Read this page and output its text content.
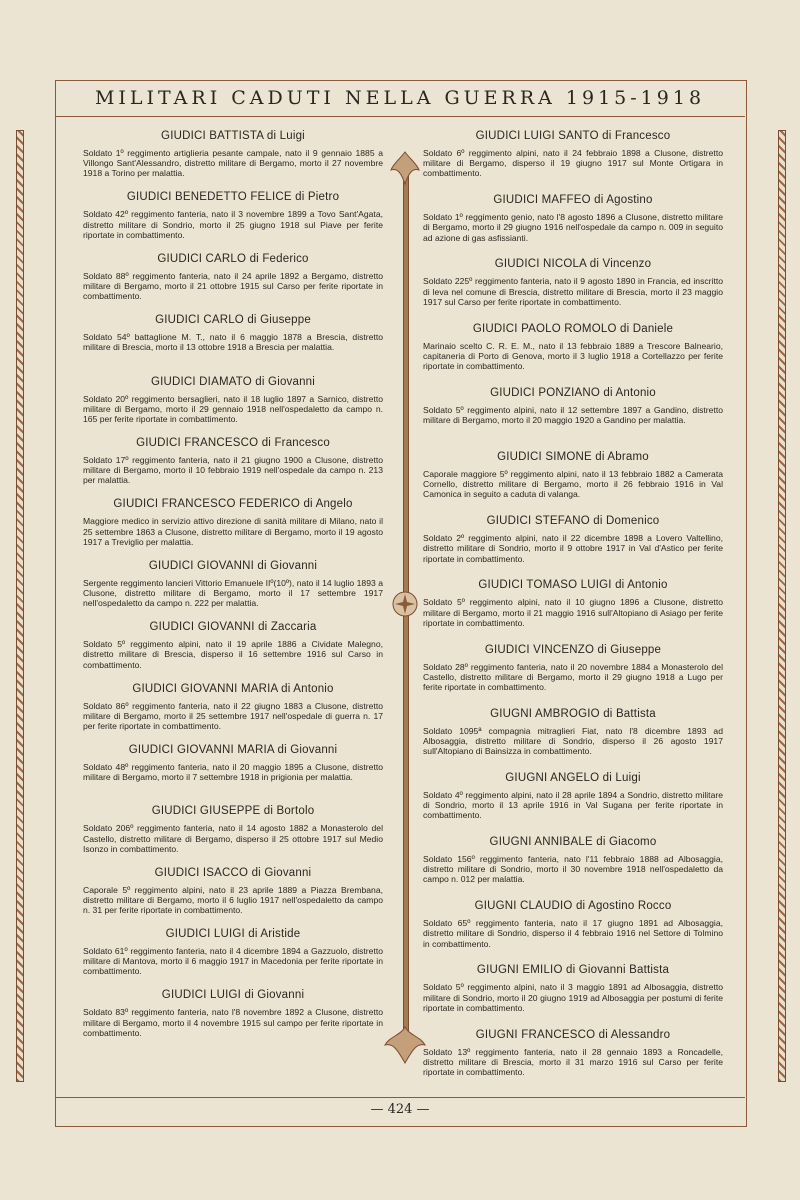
MILITARI CADUTI NELLA GUERRA 1915-1918
GIUDICI BATTISTA di Luigi

Soldato 1º reggimento artiglieria pesante campale, nato il 9 gennaio 1885 a Villongo Sant'Alessandro, distretto militare di Bergamo, morto il 27 novembre 1918 a Torino per malattia.

GIUDICI BENEDETTO FELICE di Pietro

Soldato 42º reggimento fanteria, nato il 3 novembre 1899 a Tovo Sant'Agata, distretto militare di Sondrio, morto il 25 giugno 1918 sul Piave per ferite riportate in combattimento.

GIUDICI CARLO di Federico

Soldato 88º reggimento fanteria, nato il 24 aprile 1892 a Bergamo, distretto militare di Bergamo, morto il 21 ottobre 1915 sul Carso per ferite riportate in combattimento.

GIUDICI CARLO di Giuseppe

Soldato 54º battaglione M. T., nato il 6 maggio 1878 a Brescia, distretto militare di Brescia, morto il 13 ottobre 1918 a Brescia per malattia.

GIUDICI DIAMATO di Giovanni

Soldato 20º reggimento bersaglieri, nato il 18 luglio 1897 a Sarnico, distretto militare di Bergamo, morto il 29 gennaio 1918 nell'ospedaletto da campo n. 165 per ferite riportate in combattimento.

GIUDICI FRANCESCO di Francesco

Soldato 17º reggimento fanteria, nato il 21 giugno 1900 a Clusone, distretto militare di Bergamo, morto il 10 febbraio 1919 nell'ospedale da campo n. 213 per malattia.

GIUDICI FRANCESCO FEDERICO di Angelo

Maggiore medico in servizio attivo direzione di sanità militare di Milano, nato il 25 settembre 1863 a Clusone, distretto militare di Bergamo, morto il 19 agosto 1917 a Treviglio per malattia.

GIUDICI GIOVANNI di Giovanni

Sergente reggimento lancieri Vittorio Emanuele IIº(10º), nato il 14 luglio 1893 a Clusone, distretto militare di Bergamo, morto il 17 settembre 1917 nell'ospedaletto da campo n. 222 per malattia.

GIUDICI GIOVANNI di Zaccaria

Soldato 5º reggimento alpini, nato il 19 aprile 1886 a Cividate Malegno, distretto militare di Brescia, disperso il 16 settembre 1916 sul Carso in combattimento.

GIUDICI GIOVANNI MARIA di Antonio

Soldato 86º reggimento fanteria, nato il 22 giugno 1883 a Clusone, distretto militare di Bergamo, morto il 25 settembre 1917 nell'ospedale di guerra n. 17 per ferite riportate in combattimento.

GIUDICI GIOVANNI MARIA di Giovanni

Soldato 48º reggimento fanteria, nato il 20 maggio 1895 a Clusone, distretto militare di Bergamo, morto il 7 settembre 1918 in prigionia per malattia.

GIUDICI GIUSEPPE di Bortolo

Soldato 206º reggimento fanteria, nato il 14 agosto 1882 a Monasterolo del Castello, distretto militare di Bergamo, disperso il 25 ottobre 1917 sul Medio Isonzo in combattimento.

GIUDICI ISACCO di Giovanni

Caporale 5º reggimento alpini, nato il 23 aprile 1889 a Piazza Brembana, distretto militare di Bergamo, morto il 6 luglio 1917 nell'ospedaletto da campo n. 31 per ferite riportate in combattimento.

GIUDICI LUIGI di Aristide

Soldato 61º reggimento fanteria, nato il 4 dicembre 1894 a Gazzuolo, distretto militare di Mantova, morto il 6 maggio 1917 in Macedonia per ferite riportate in combattimento.

GIUDICI LUIGI di Giovanni

Soldato 83º reggimento fanteria, nato l'8 novembre 1892 a Clusone, distretto militare di Bergamo, morto il 4 novembre 1915 sul campo per ferite riportate in combattimento.

GIUDICI LUIGI SANTO di Francesco

Soldato 6º reggimento alpini, nato il 24 febbraio 1898 a Clusone, distretto militare di Bergamo, disperso il 19 giugno 1917 sul Monte Ortigara in combattimento.

GIUDICI MAFFEO di Agostino

Soldato 1º reggimento genio, nato l'8 agosto 1896 a Clusone, distretto militare di Bergamo, morto il 29 giugno 1916 nell'ospedale da campo n. 009 in seguito ad azione di gas asfissianti.

GIUDICI NICOLA di Vincenzo

Soldato 225º reggimento fanteria, nato il 9 agosto 1890 in Francia, ed inscritto di leva nel comune di Brescia, distretto militare di Brescia, morto il 23 maggio 1917 sul Carso per ferite riportate in combattimento.

GIUDICI PAOLO ROMOLO di Daniele

Marinaio scelto C. R. E. M., nato il 13 febbraio 1889 a Trescore Balneario, capitaneria di Porto di Genova, morto il 3 luglio 1918 a Cortellazzo per ferite riportate in combattimento.

GIUDICI PONZIANO di Antonio

Soldato 5º reggimento alpini, nato il 12 settembre 1897 a Gandino, distretto militare di Bergamo, morto il 20 maggio 1920 a Gandino per malattia.

GIUDICI SIMONE di Abramo

Caporale maggiore 5º reggimento alpini, nato il 13 febbraio 1882 a Camerata Cornello, distretto militare di Bergamo, morto il 26 febbraio 1916 in Val Camonica in seguito a caduta di valanga.

GIUDICI STEFANO di Domenico

Soldato 2º reggimento alpini, nato il 22 dicembre 1898 a Lovero Valtellino, distretto militare di Sondrio, morto il 9 ottobre 1917 in Val d'Astico per ferite riportate in combattimento.

GIUDICI TOMASO LUIGI di Antonio

Soldato 5º reggimento alpini, nato il 10 giugno 1896 a Clusone, distretto militare di Bergamo, morto il 21 maggio 1916 sull'Altopiano di Asiago per ferite riportate in combattimento.

GIUDICI VINCENZO di Giuseppe

Soldato 28º reggimento fanteria, nato il 20 novembre 1884 a Monasterolo del Castello, distretto militare di Bergamo, morto il 29 giugno 1918 a Lugo per ferite riportate in combattimento.

GIUGNI AMBROGIO di Battista

Soldato 1095ª compagnia mitraglieri Fiat, nato l'8 dicembre 1893 ad Albosaggia, distretto militare di Sondrio, disperso il 26 agosto 1917 sull'Altopiano di Bainsizza in combattimento.

GIUGNI ANGELO di Luigi

Soldato 4º reggimento alpini, nato il 28 aprile 1894 a Sondrio, distretto militare di Sondrio, morto il 13 aprile 1916 in Val Sugana per ferite riportate in combattimento.

GIUGNI ANNIBALE di Giacomo

Soldato 156º reggimento fanteria, nato l'11 febbraio 1888 ad Albosaggia, distretto militare di Sondrio, morto il 30 novembre 1918 nell'ospedaletto da campo n. 012 per malattia.

GIUGNI CLAUDIO di Agostino Rocco

Soldato 65º reggimento fanteria, nato il 17 giugno 1891 ad Albosaggia, distretto militare di Sondrio, disperso il 4 febbraio 1916 nel Settore di Tolmino in combattimento.

GIUGNI EMILIO di Giovanni Battista

Soldato 5º reggimento alpini, nato il 3 maggio 1891 ad Albosaggia, distretto militare di Sondrio, morto il 20 giugno 1919 ad Albosaggia per postumi di ferite riportate in combattimento.

GIUGNI FRANCESCO di Alessandro

Soldato 13º reggimento fanteria, nato il 28 gennaio 1893 a Roncadelle, distretto militare di Brescia, morto il 31 marzo 1916 sul Carso per ferite riportate in combattimento.

— 424 —
